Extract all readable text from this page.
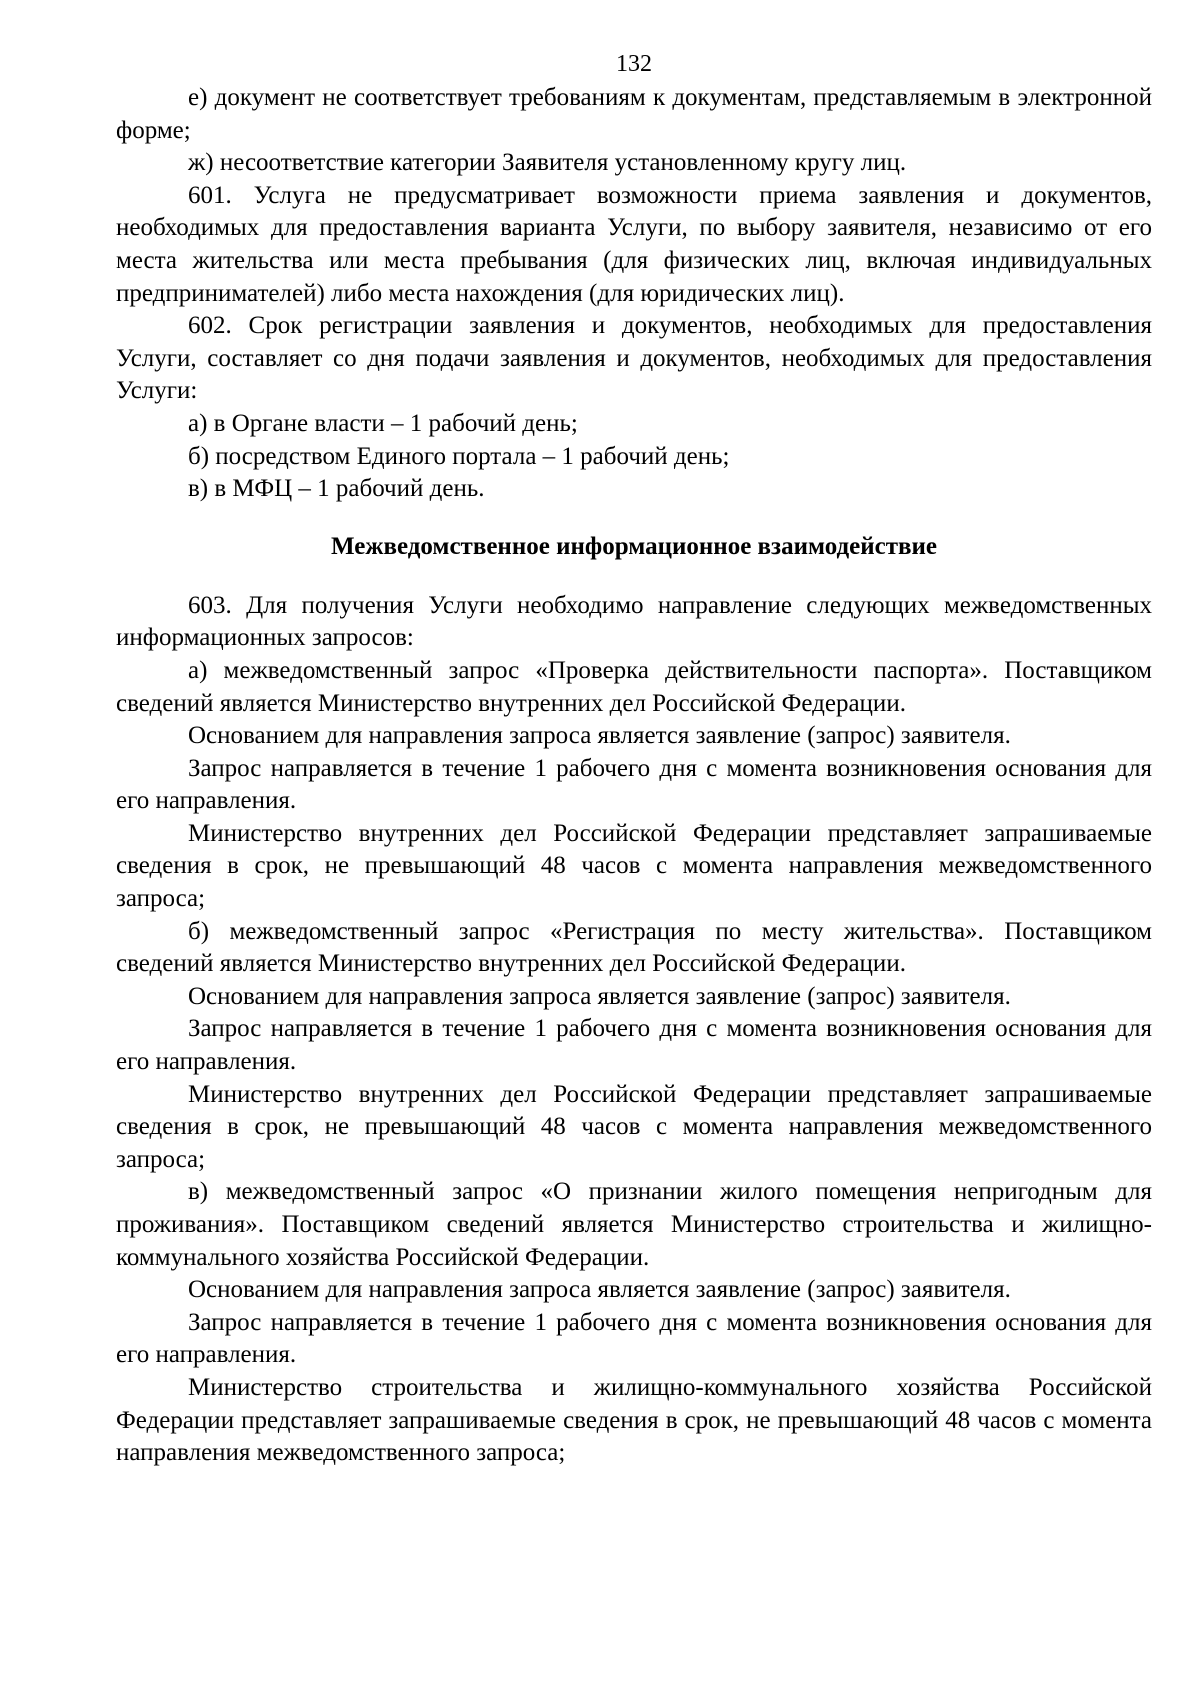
132

е) документ не соответствует требованиям к документам, представляемым в электронной форме;

ж) несоответствие категории Заявителя установленному кругу лиц.

601. Услуга не предусматривает возможности приема заявления и документов, необходимых для предоставления варианта Услуги, по выбору заявителя, независимо от его места жительства или места пребывания (для физических лиц, включая индивидуальных предпринимателей) либо места нахождения (для юридических лиц).

602. Срок регистрации заявления и документов, необходимых для предоставления Услуги, составляет со дня подачи заявления и документов, необходимых для предоставления Услуги:

а) в Органе власти – 1 рабочий день;

б) посредством Единого портала – 1 рабочий день;

в) в МФЦ – 1 рабочий день.

Межведомственное информационное взаимодействие

603. Для получения Услуги необходимо направление следующих межведомственных информационных запросов:

а) межведомственный запрос «Проверка действительности паспорта». Поставщиком сведений является Министерство внутренних дел Российской Федерации.

Основанием для направления запроса является заявление (запрос) заявителя.

Запрос направляется в течение 1 рабочего дня с момента возникновения основания для его направления.

Министерство внутренних дел Российской Федерации представляет запрашиваемые сведения в срок, не превышающий 48 часов с момента направления межведомственного запроса;

б) межведомственный запрос «Регистрация по месту жительства». Поставщиком сведений является Министерство внутренних дел Российской Федерации.

Основанием для направления запроса является заявление (запрос) заявителя.

Запрос направляется в течение 1 рабочего дня с момента возникновения основания для его направления.

Министерство внутренних дел Российской Федерации представляет запрашиваемые сведения в срок, не превышающий 48 часов с момента направления межведомственного запроса;

в) межведомственный запрос «О признании жилого помещения непригодным для проживания». Поставщиком сведений является Министерство строительства и жилищно-коммунального хозяйства Российской Федерации.

Основанием для направления запроса является заявление (запрос) заявителя.

Запрос направляется в течение 1 рабочего дня с момента возникновения основания для его направления.

Министерство строительства и жилищно-коммунального хозяйства Российской Федерации представляет запрашиваемые сведения в срок, не превышающий 48 часов с момента направления межведомственного запроса;
